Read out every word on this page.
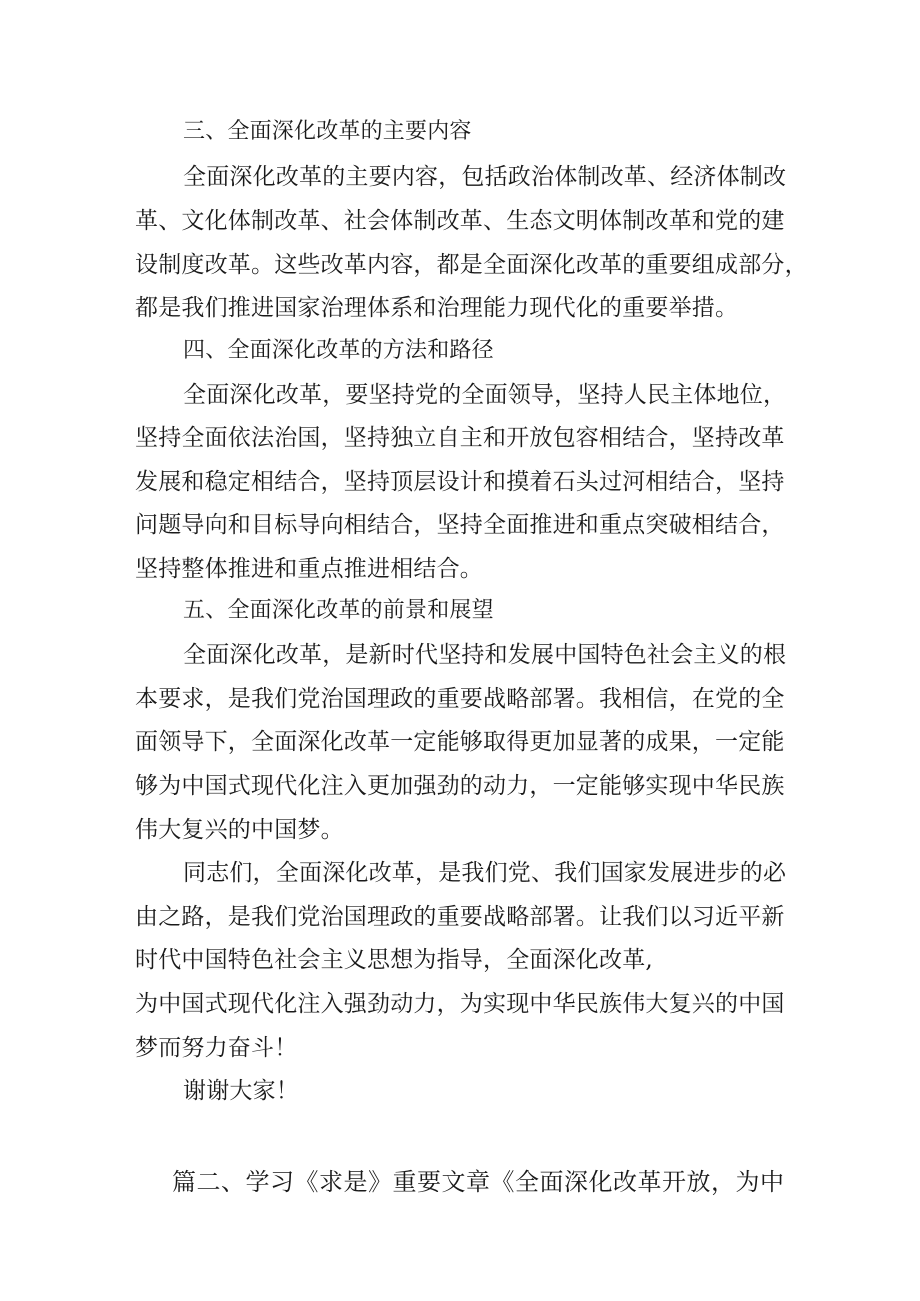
三、全面深化改革的主要内容

全面深化改革的主要内容，包括政治体制改革、经济体制改

革、文化体制改革、社会体制改革、生态文明体制改革和党的建

设制度改革。这些改革内容，都是全面深化改革的重要组成部分，

都是我们推进国家治理体系和治理能力现代化的重要举措。

四、全面深化改革的方法和路径

全面深化改革，要坚持党的全面领导，坚持人民主体地位，

坚持全面依法治国，坚持独立自主和开放包容相结合，坚持改革

发展和稳定相结合，坚持顶层设计和摸着石头过河相结合，坚持

问题导向和目标导向相结合，坚持全面推进和重点突破相结合，

坚持整体推进和重点推进相结合。

五、全面深化改革的前景和展望

全面深化改革，是新时代坚持和发展中国特色社会主义的根

本要求，是我们党治国理政的重要战略部署。我相信，在党的全

面领导下，全面深化改革一定能够取得更加显著的成果，一定能

够为中国式现代化注入更加强劲的动力，一定能够实现中华民族

伟大复兴的中国梦。

同志们，全面深化改革，是我们党、我们国家发展进步的必

由之路，是我们党治国理政的重要战略部署。让我们以习近平新

时代中国特色社会主义思想为指导，全面深化改革,

为中国式现代化注入强劲动力，为实现中华民族伟大复兴的中国

梦而努力奋斗！

谢谢大家！

篇二、学习《求是》重要文章《全面深化改革开放，为中
